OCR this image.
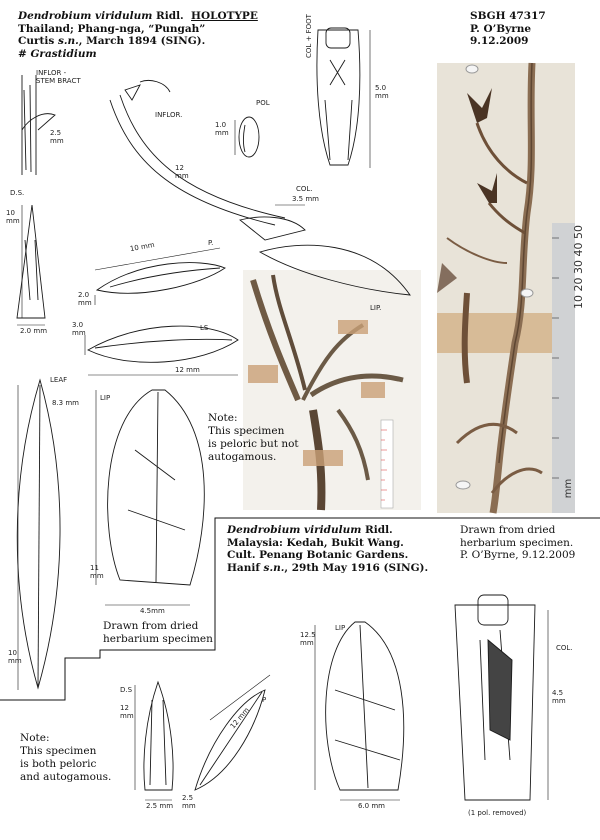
Dendrobium viridulum Ridl. HOLOTYPE
Thailand; Phang-nga, “Pungah”
Curtis s.n., March 1894 (SING).
# Grastidium
SBGH 47317
P. O’Byrne
9.12.2009
10 20 30 40 50
mm
COL + FOOT
5.0
mm
POL
1.0
mm
INFLOR -
STEM BRACT
INFLOR.
2.5
mm
12
mm
COL.
3.5 mm
D.S.
10
mm
2.0 mm
P.
10 mm
2.0
mm
LIP.
LS
3.0
mm
12 mm
LEAF
8.3 mm
LIP
11
mm
4.5mm
10
mm
D.S
12
mm
2.5 mm
P
12 mm
2.5
mm
LIP
12.5
mm
6.0 mm
COL.
4.5
mm
(1 pol. removed)
Note:
This specimen
is peloric but not
autogamous.
Drawn from dried
herbarium specimen
Note:
This specimen
is both peloric
and autogamous.
Dendrobium viridulum Ridl.
Malaysia: Kedah, Bukit Wang.
Cult. Penang Botanic Gardens.
Hanif s.n., 29th May 1916 (SING).
Drawn from dried
herbarium specimen.
P. O’Byrne, 9.12.2009
